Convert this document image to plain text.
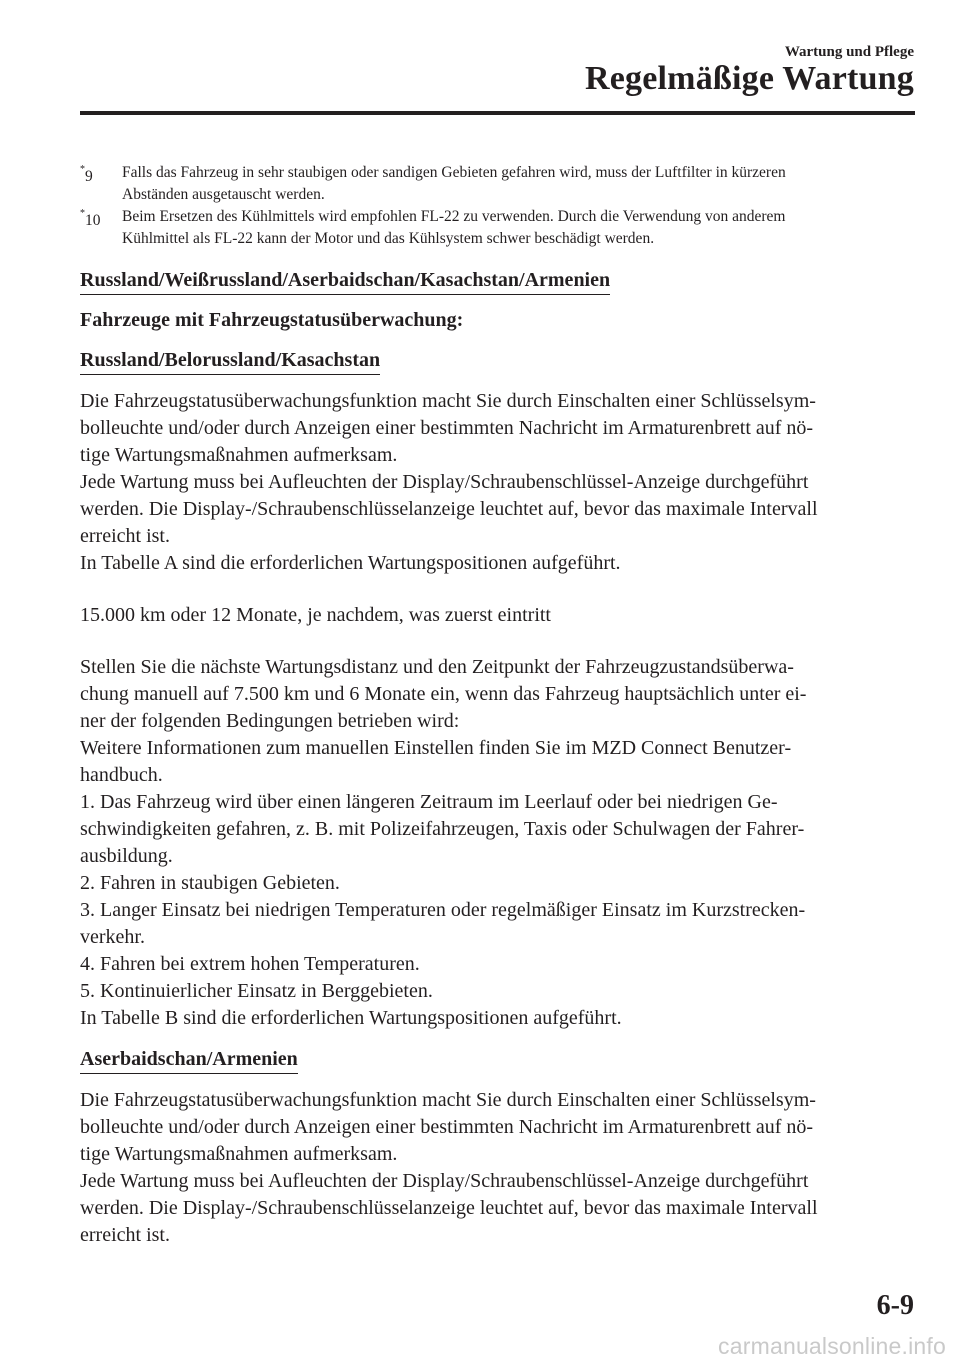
Wartung und Pflege
Regelmäßige Wartung
*9 Falls das Fahrzeug in sehr staubigen oder sandigen Gebieten gefahren wird, muss der Luftfilter in kürzeren
Abständen ausgetauscht werden.
*10 Beim Ersetzen des Kühlmittels wird empfohlen FL-22 zu verwenden. Durch die Verwendung von anderem
Kühlmittel als FL-22 kann der Motor und das Kühlsystem schwer beschädigt werden.
Russland/Weißrussland/Aserbaidschan/Kasachstan/Armenien
Fahrzeuge mit Fahrzeugstatusüberwachung:
Russland/Belorussland/Kasachstan
Die Fahrzeugstatusüberwachungsfunktion macht Sie durch Einschalten einer Schlüsselsym-
bolleuchte und/oder durch Anzeigen einer bestimmten Nachricht im Armaturenbrett auf nö-
tige Wartungsmaßnahmen aufmerksam.
Jede Wartung muss bei Aufleuchten der Display/Schraubenschlüssel-Anzeige durchgeführt
werden. Die Display-/Schraubenschlüsselanzeige leuchtet auf, bevor das maximale Intervall
erreicht ist.
In Tabelle A sind die erforderlichen Wartungspositionen aufgeführt.
15.000 km oder 12 Monate, je nachdem, was zuerst eintritt
Stellen Sie die nächste Wartungsdistanz und den Zeitpunkt der Fahrzeugzustandsüberwa-
chung manuell auf 7.500 km und 6 Monate ein, wenn das Fahrzeug hauptsächlich unter ei-
ner der folgenden Bedingungen betrieben wird:
Weitere Informationen zum manuellen Einstellen finden Sie im MZD Connect Benutzer-
handbuch.
1. Das Fahrzeug wird über einen längeren Zeitraum im Leerlauf oder bei niedrigen Ge-
schwindigkeiten gefahren, z. B. mit Polizeifahrzeugen, Taxis oder Schulwagen der Fahrer-
ausbildung.
2. Fahren in staubigen Gebieten.
3. Langer Einsatz bei niedrigen Temperaturen oder regelmäßiger Einsatz im Kurzstrecken-
verkehr.
4. Fahren bei extrem hohen Temperaturen.
5. Kontinuierlicher Einsatz in Berggebieten.
In Tabelle B sind die erforderlichen Wartungspositionen aufgeführt.
Aserbaidschan/Armenien
Die Fahrzeugstatusüberwachungsfunktion macht Sie durch Einschalten einer Schlüsselsym-
bolleuchte und/oder durch Anzeigen einer bestimmten Nachricht im Armaturenbrett auf nö-
tige Wartungsmaßnahmen aufmerksam.
Jede Wartung muss bei Aufleuchten der Display/Schraubenschlüssel-Anzeige durchgeführt
werden. Die Display-/Schraubenschlüsselanzeige leuchtet auf, bevor das maximale Intervall
erreicht ist.
6-9
carmanualsonline.info
